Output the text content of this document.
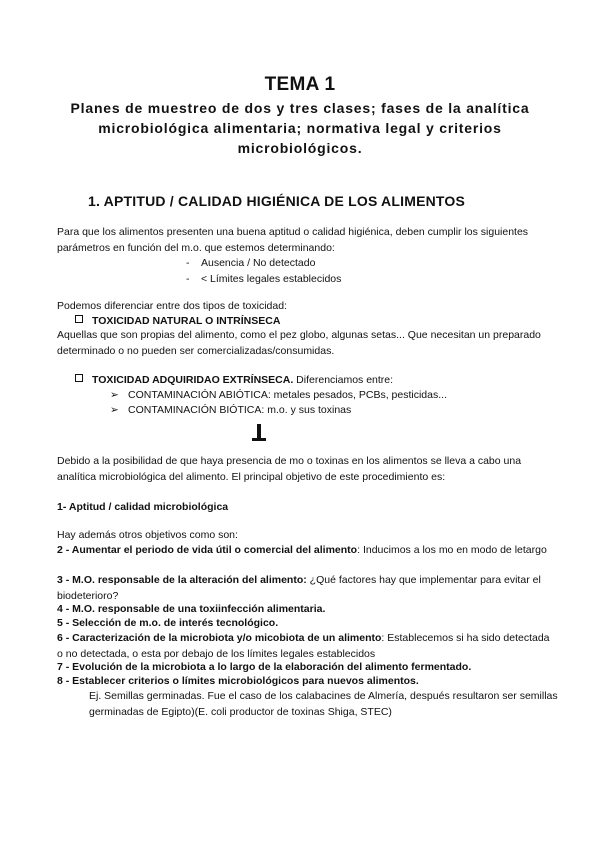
TEMA 1
Planes de muestreo de dos y tres clases; fases de la analítica microbiológica alimentaria; normativa legal y criterios microbiológicos.
1. APTITUD / CALIDAD HIGIÉNICA DE LOS ALIMENTOS

Para que los alimentos presenten una buena aptitud o calidad higiénica, deben cumplir los siguientes parámetros en función del m.o. que estemos determinando:

- Ausencia / No detectado
- < Límites legales establecidos
Podemos diferenciar entre dos tipos de toxicidad:
TOXICIDAD NATURAL O INTRÍNSECA

Aquellas que son propias del alimento, como el pez globo, algunas setas... Que necesitan un preparado determinado o no pueden ser comercializadas/consumidas.

TOXICIDAD ADQUIRIDAO EXTRÍNSECA. Diferenciamos entre:
➢ CONTAMINACIÓN ABIÓTICA: metales pesados, PCBs, pesticidas...
➢ CONTAMINACIÓN BIÓTICA: m.o. y sus toxinas

Debido a la posibilidad de que haya presencia de mo o toxinas en los alimentos se lleva a cabo una analítica microbiológica del alimento. El principal objetivo de este procedimiento es:

1- Aptitud / calidad microbiológica
Hay además otros objetivos como son:

2 - Aumentar el periodo de vida útil o comercial del alimento: Inducimos a los mo en modo de letargo

3 - M.O. responsable de la alteración del alimento: ¿Qué factores hay que implementar para evitar el biodeterioro?

4 - M.O. responsable de una toxiinfección alimentaria.

5 - Selección de m.o. de interés tecnológico.

6 - Caracterización de la microbiota y/o micobiota de un alimento: Establecemos si ha sido detectada o no detectada, o esta por debajo de los límites legales establecidos

7 - Evolución de la microbiota a lo largo de la elaboración del alimento fermentado.

8 - Establecer criterios o límites microbiológicos para nuevos alimentos.

Ej. Semillas germinadas. Fue el caso de los calabacines de Almería, después resultaron ser semillas germinadas de Egipto)(E. coli productor de toxinas Shiga, STEC)
